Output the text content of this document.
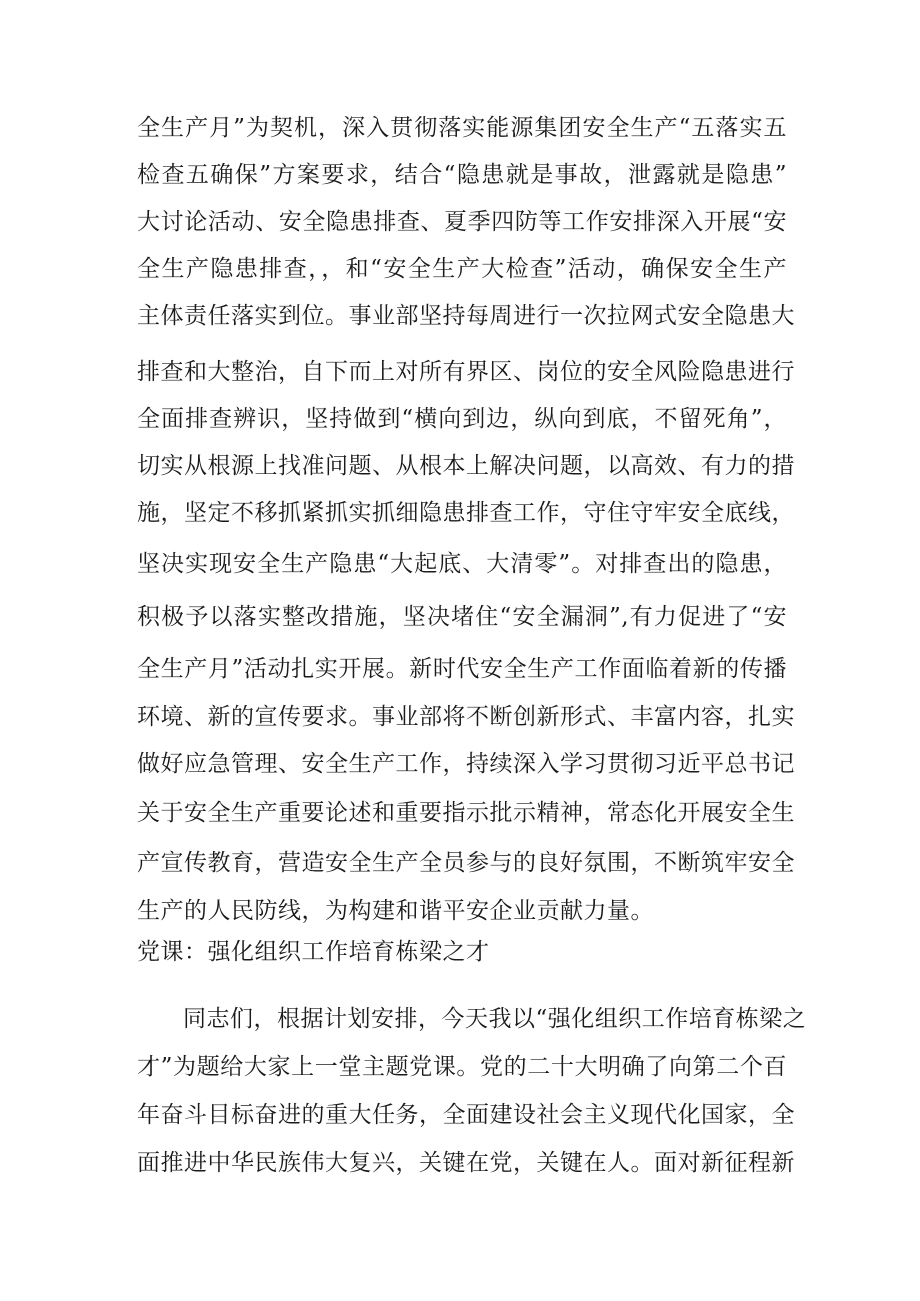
全生产月”为契机，深入贯彻落实能源集团安全生产“五落实五
检查五确保”方案要求，结合“隐患就是事故，泄露就是隐患”
大讨论活动、安全隐患排查、夏季四防等工作安排深入开展“安
全生产隐患排查，，和“安全生产大检查”活动，确保安全生产
主体责任落实到位。事业部坚持每周进行一次拉网式安全隐患大
排查和大整治，自下而上对所有界区、岗位的安全风险隐患进行
全面排查辨识，坚持做到“横向到边，纵向到底，不留死角”，
切实从根源上找准问题、从根本上解决问题，以高效、有力的措
施，坚定不移抓紧抓实抓细隐患排查工作，守住守牢安全底线，
坚决实现安全生产隐患“大起底、大清零”。对排查出的隐患，
积极予以落实整改措施，坚决堵住“安全漏洞”,有力促进了“安
全生产月”活动扎实开展。新时代安全生产工作面临着新的传播
环境、新的宣传要求。事业部将不断创新形式、丰富内容，扎实
做好应急管理、安全生产工作，持续深入学习贯彻习近平总书记
关于安全生产重要论述和重要指示批示精神，常态化开展安全生
产宣传教育，营造安全生产全员参与的良好氛围，不断筑牢安全
生产的人民防线，为构建和谐平安企业贡献力量。
党课：强化组织工作培育栋梁之才
同志们，根据计划安排，今天我以“强化组织工作培育栋梁之
才”为题给大家上一堂主题党课。党的二十大明确了向第二个百
年奋斗目标奋进的重大任务，全面建设社会主义现代化国家，全
面推进中华民族伟大复兴，关键在党，关键在人。面对新征程新
